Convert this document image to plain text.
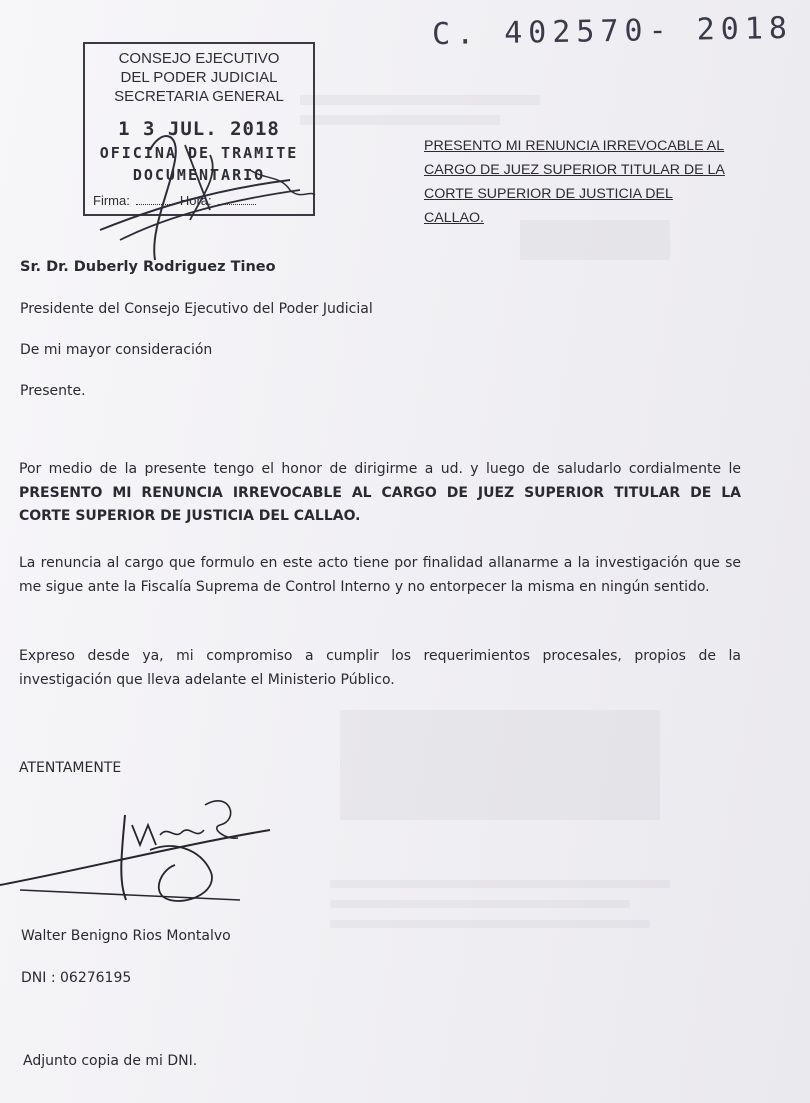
C. 402570- 2018
CONSEJO EJECUTIVO
DEL PODER JUDICIAL
SECRETARIA GENERAL
1 3 JUL. 2018
OFICINA DE TRAMITE
DOCUMENTARIO
Firma:	Hora:
PRESENTO MI RENUNCIA IRREVOCABLE AL CARGO DE JUEZ SUPERIOR TITULAR DE LA CORTE SUPERIOR DE JUSTICIA DEL CALLAO.
Sr. Dr. Duberly Rodriguez Tineo
Presidente del Consejo Ejecutivo del Poder Judicial
De mi mayor consideración
Presente.
Por medio de la presente tengo el honor de dirigirme a ud. y luego de saludarlo cordialmente le PRESENTO MI RENUNCIA IRREVOCABLE AL CARGO DE JUEZ SUPERIOR TITULAR DE LA CORTE SUPERIOR DE JUSTICIA DEL CALLAO.
La renuncia al cargo que formulo en este acto tiene por finalidad allanarme a la investigación que se me sigue ante la Fiscalía Suprema de Control Interno y no entorpecer la misma en ningún sentido.
Expreso desde ya, mi compromiso a cumplir los requerimientos procesales, propios de la investigación que lleva adelante el Ministerio Público.
ATENTAMENTE
Walter Benigno Rios Montalvo
DNI : 06276195
Adjunto copia de mi DNI.
